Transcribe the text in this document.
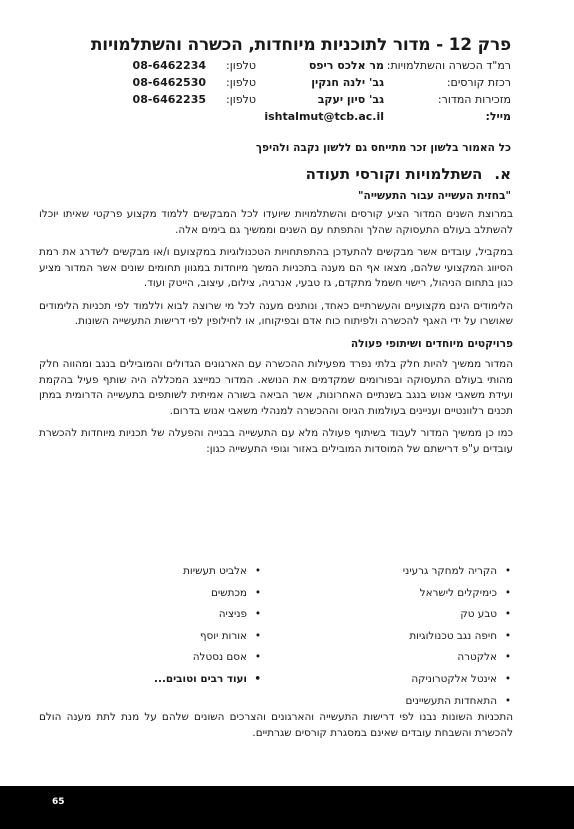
פרק 12 - מדור לתוכניות מיוחדות, הכשרה והשתלמויות
רמ"ד הכשרה והשתלמויות:
מר אלכס ריפס
טלפון:
08-6462234
רכזת קורסים:
גב' ילנה חנקין
טלפון:
08-6462530
מזכירות המדור:
גב' סיון יעקב
טלפון:
08-6462235
מייל:
ishtalmut@tcb.ac.il
כל האמור בלשון זכר מתייחס גם ללשון נקבה ולהיפך
א.השתלמויות וקורסי תעודה
"בחזית העשייה עבור התעשייה"

במרוצת השנים המדור הציע קורסים והשתלמויות שיועדו לכל המבקשים ללמוד מקצוע פרקטי שאיתו יוכלו להשתלב בעולם התעסוקה שהלך והתפתח עם השנים וממשיך גם בימים אלה.

במקביל, עובדים אשר מבקשים להתעדכן בהתפתחויות הטכנולוגיות במקצועם ו/או מבקשים לשדרג את רמת הסיווג המקצועי שלהם, מצאו אף הם מענה בתכניות המשך מיוחדות במגוון תחומים שונים אשר המדור מציע כגון בתחום הניהול, רישוי חשמל מתקדם, גז טבעי, אנרגיה, צילום, עיצוב, הייטק ועוד.

הלימודים הינם מקצועיים והעשרתיים כאחד, ונותנים מענה לכל מי שרוצה לבוא וללמוד לפי תכניות הלימודים שאושרו על ידי האגף להכשרה ולפיתוח כוח אדם ובפיקוחו, או לחילופין לפי דרישות התעשייה השונות.

פרויקטים מיוחדים ושיתופי פעולה

המדור ממשיך להיות חלק בלתי נפרד מפעילות ההכשרה עם הארגונים הגדולים והמובילים בנגב ומהווה חלק מהותי בעולם התעסוקה ובפורומים שמקדמים את הנושא. המדור כמייצג המכללה היה שותף פעיל בהקמת ועידת משאבי אנוש בנגב בשנתיים האחרונות, אשר הביאה בשורה אמיתית לשותפים בתעשייה הדרומית במתן תכנים רלוונטיים ועניינים בעולמות הגיוס וההכשרה למנהלי משאבי אנוש בדרום.

כמו כן ממשיך המדור לעבוד בשיתוף פעולה מלא עם התעשייה בבנייה והפעלה של תכניות מיוחדות להכשרת עובדים ע"פ דרישתם של המוסדות המובילים באזור וגופי התעשייה כגון:

• הקריה למחקר גרעיני
• כימיקלים לישראל
• טבע טק
• חיפה נגב טכנולוגיות
• אלקטרה
• אינטל אלקטרוניקה
• התאחדות התעשיינים
• אלביט תעשיות
• מכתשים
• פניציה
• אורות יוסף
• אסם נסטלה
• ועוד רבים וטובים...
התכניות השונות נבנו לפי דרישות התעשייה והארגונים והצרכים השונים שלהם על מנת לתת מענה הולם להכשרת והשבחת עובדים שאינם במסגרת קורסים שגרתיים.
65
